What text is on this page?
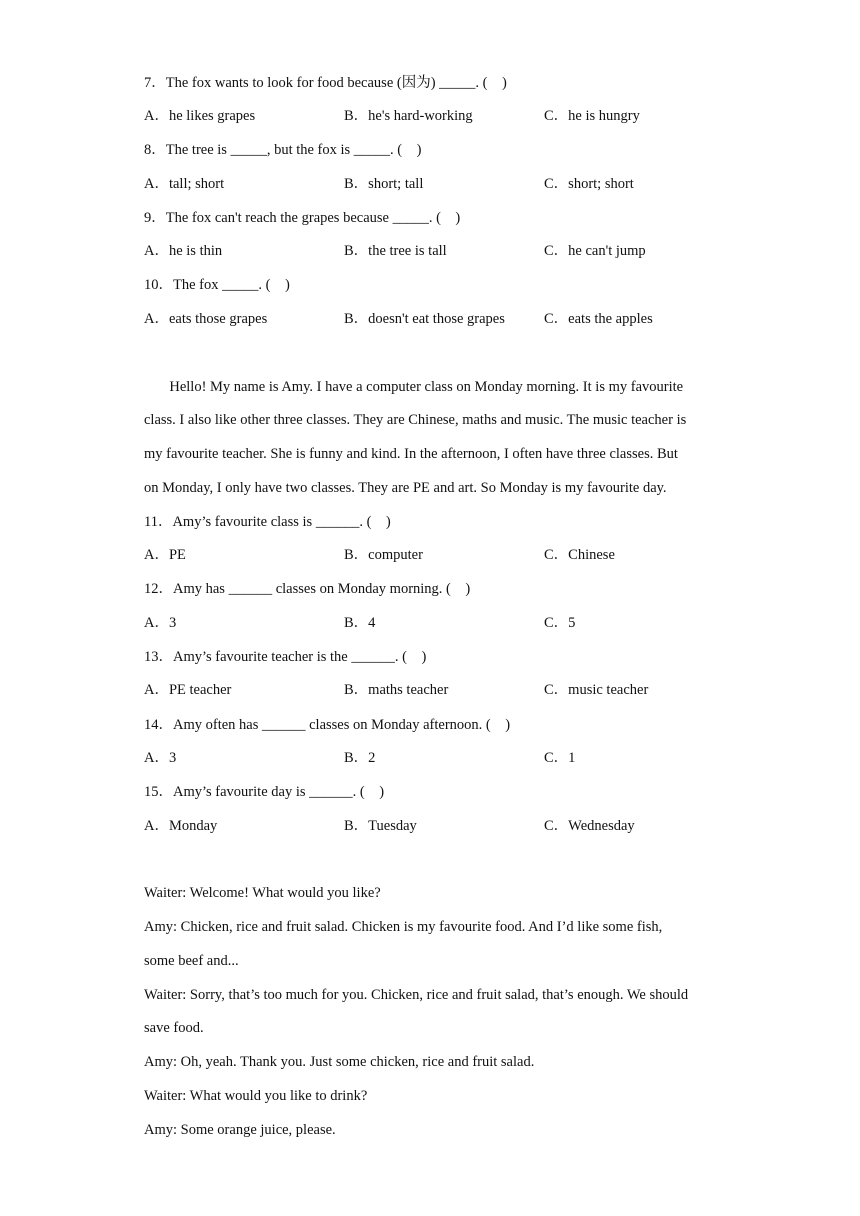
7．The fox wants to look for food because (因为) _____. (    )
A．he likes grapes	B．he's hard-working	C．he is hungry
8．The tree is _____, but the fox is _____. (    )
A．tall; short	B．short; tall	C．short; short
9．The fox can't reach the grapes because _____. (    )
A．he is thin	B．the tree is tall	C．he can't jump
10．The fox _____. (    )
A．eats those grapes	B．doesn't eat those grapes	C．eats the apples
Hello! My name is Amy. I have a computer class on Monday morning. It is my favourite
class. I also like other three classes. They are Chinese, maths and music. The music teacher is
my favourite teacher. She is funny and kind. In the afternoon, I often have three classes. But
on Monday, I only have two classes. They are PE and art. So Monday is my favourite day.
11．Amy’s favourite class is ______. (    )
A．PE	B．computer	C．Chinese
12．Amy has ______ classes on Monday morning. (    )
A．3	B．4	C．5
13．Amy’s favourite teacher is the ______. (    )
A．PE teacher	B．maths teacher	C．music teacher
14．Amy often has ______ classes on Monday afternoon. (    )
A．3	B．2	C．1
15．Amy’s favourite day is ______. (    )
A．Monday	B．Tuesday	C．Wednesday
Waiter: Welcome! What would you like?
Amy: Chicken, rice and fruit salad. Chicken is my favourite food. And I’d like some fish,
some beef and...
Waiter: Sorry, that’s too much for you. Chicken, rice and fruit salad, that’s enough. We should
save food.
Amy: Oh, yeah. Thank you. Just some chicken, rice and fruit salad.
Waiter: What would you like to drink?
Amy: Some orange juice, please.
